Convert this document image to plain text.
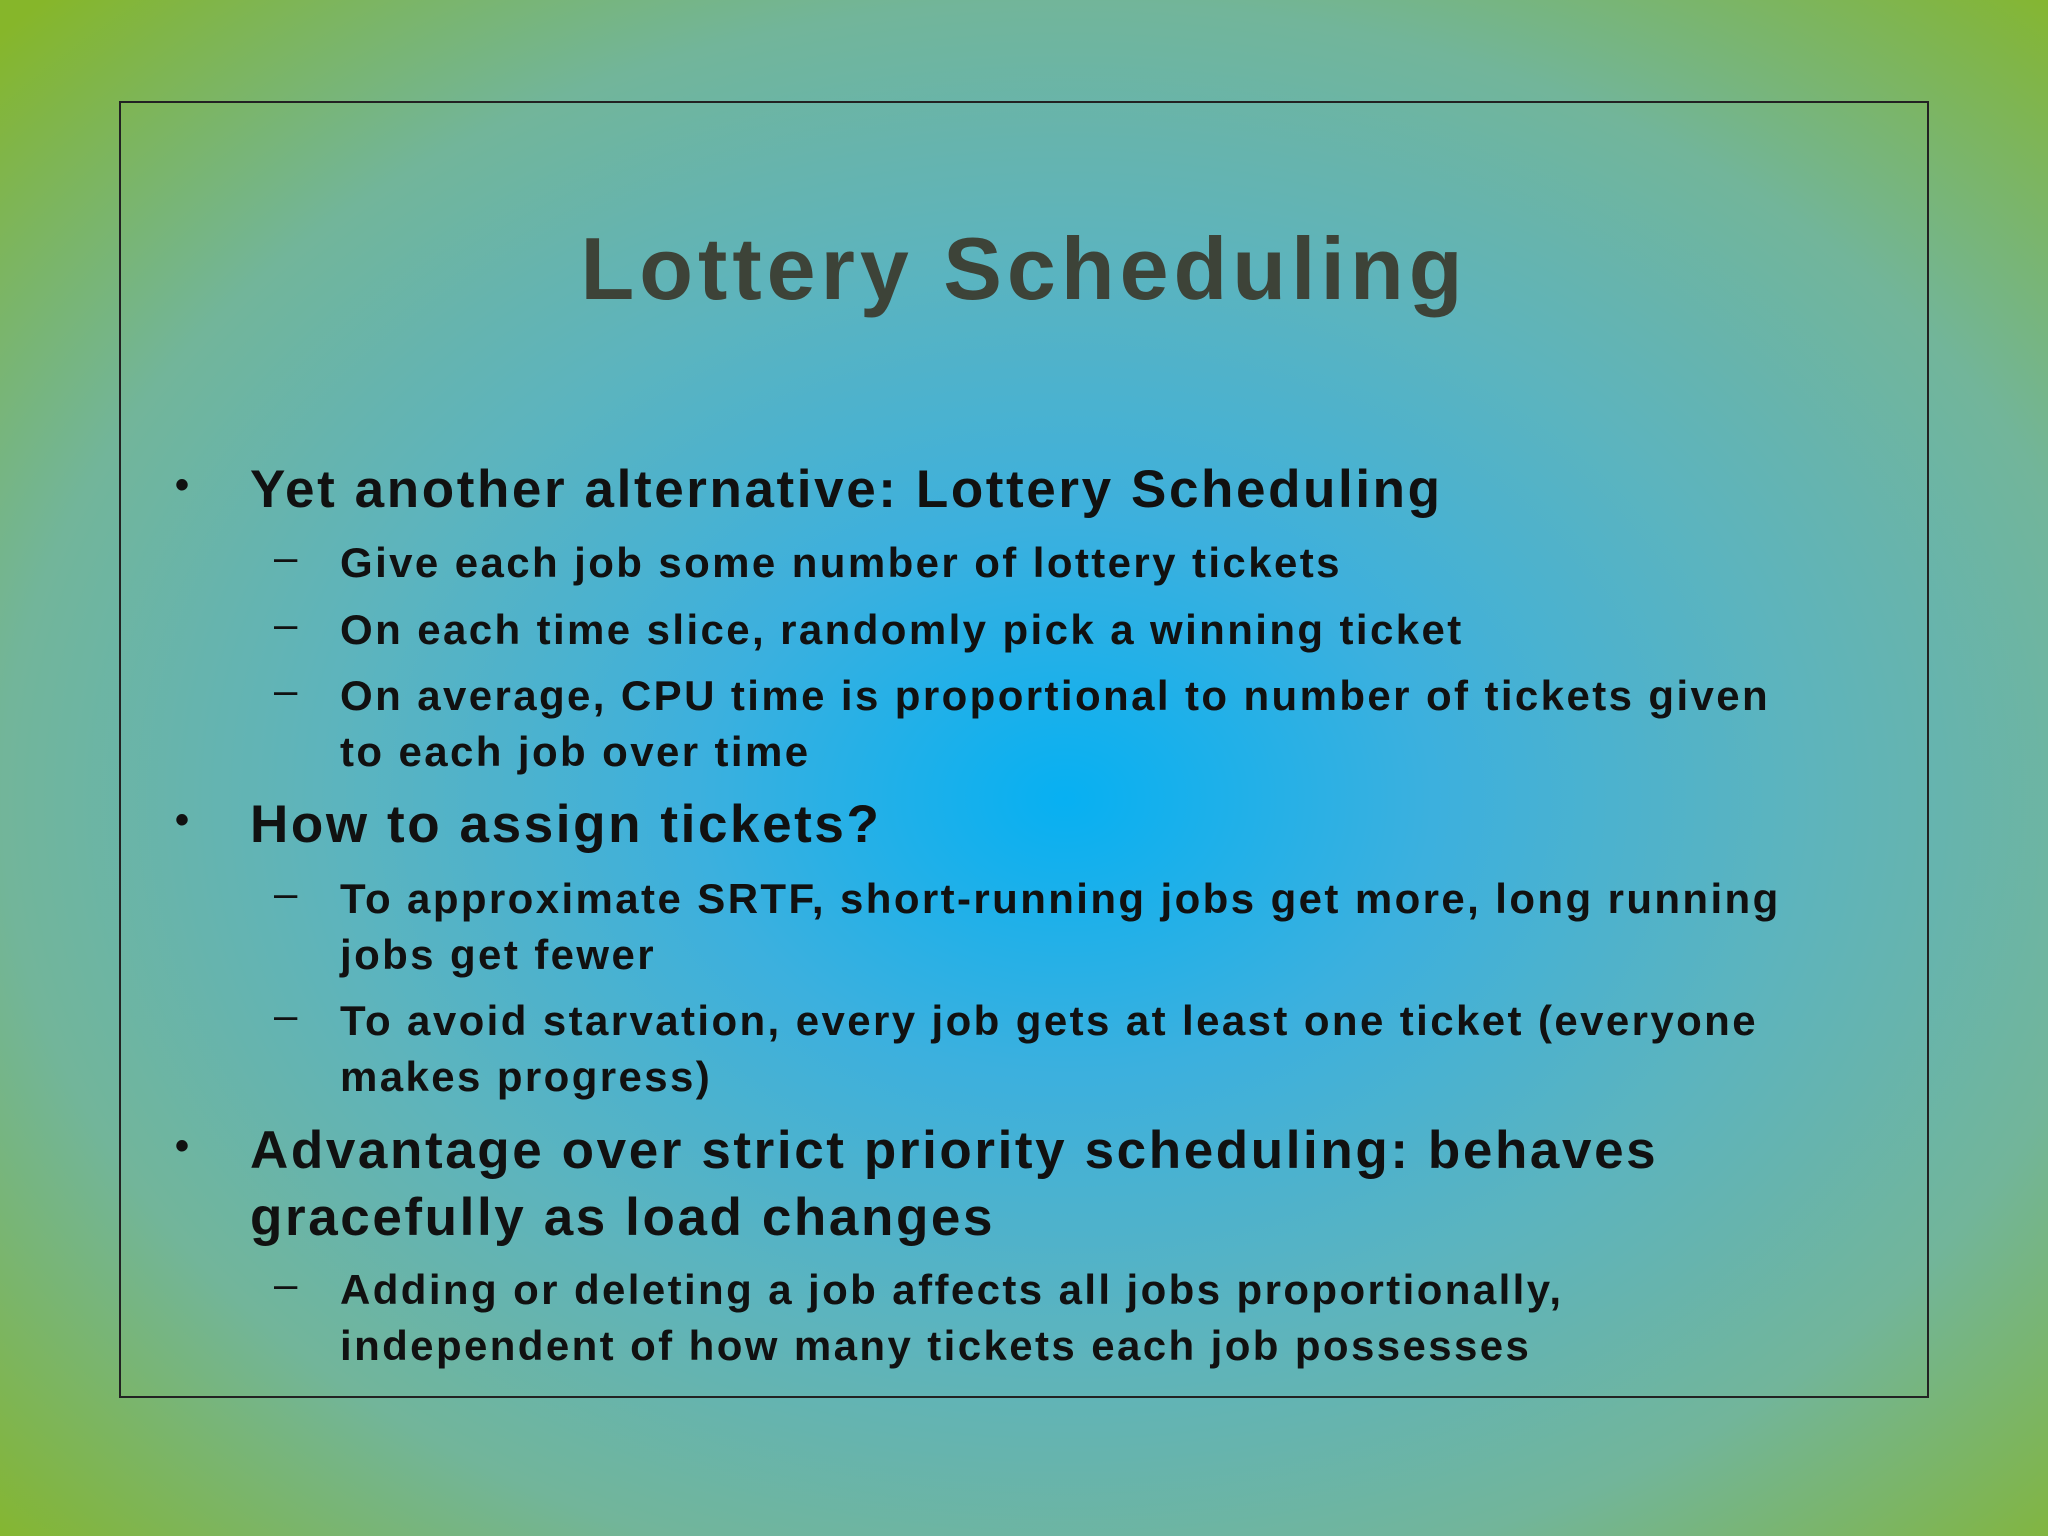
Lottery Scheduling
• Yet another alternative: Lottery Scheduling
– Give each job some number of lottery tickets
– On each time slice, randomly pick a winning ticket
– On average, CPU time is proportional to number of tickets given to each job over time
• How to assign tickets?
– To approximate SRTF, short-running jobs get more, long running jobs get fewer
– To avoid starvation, every job gets at least one ticket (everyone makes progress)
• Advantage over strict priority scheduling: behaves gracefully as load changes
– Adding or deleting a job affects all jobs proportionally, independent of how many tickets each job possesses
